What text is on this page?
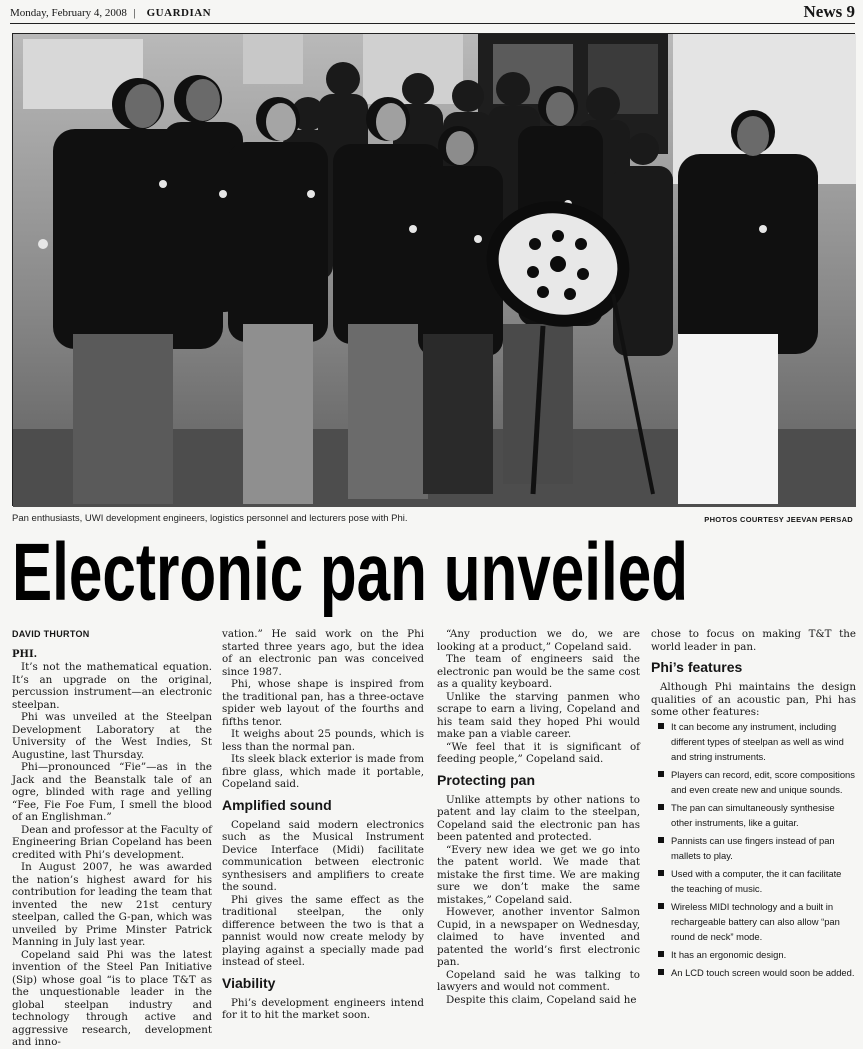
Monday, February 4, 2008 | GUARDIAN	News 9
Pan enthusiasts, UWI development engineers, logistics personnel and lecturers pose with Phi.	PHOTOS COURTESY JEEVAN PERSAD
Electronic pan unveiled
DAVID THURTON

PHI.

It’s not the mathematical equation. It’s an upgrade on the original, percussion instrument—an electronic steelpan.

Phi was unveiled at the Steelpan Development Laboratory at the University of the West Indies, St Augustine, last Thursday.

Phi—pronounced “Fie”—as in the Jack and the Beanstalk tale of an ogre, blinded with rage and yelling “Fee, Fie Foe Fum, I smell the blood of an Englishman.”

Dean and professor at the Faculty of Engineering Brian Copeland has been credited with Phi’s development.

In August 2007, he was awarded the nation’s highest award for his contribution for leading the team that invented the new 21st century steelpan, called the G-pan, which was unveiled by Prime Minster Patrick Manning in July last year.

Copeland said Phi was the latest invention of the Steel Pan Initiative (Sip) whose goal “is to place T&T as the unquestionable leader in the global steelpan industry and technology through active and aggressive research, development and inno-

vation.” He said work on the Phi started three years ago, but the idea of an electronic pan was conceived since 1987.

Phi, whose shape is inspired from the traditional pan, has a three-octave spider web layout of the fourths and fifths tenor.

It weighs about 25 pounds, which is less than the normal pan.

Its sleek black exterior is made from fibre glass, which made it portable, Copeland said.

Amplified sound

Copeland said modern electronics such as the Musical Instrument Device Interface (Midi) facilitate communication between electronic synthesisers and amplifiers to create the sound.

Phi gives the same effect as the traditional steelpan, the only difference between the two is that a pannist would now create melody by playing against a specially made pad instead of steel.

Viability

Phi’s development engineers intend for it to hit the market soon.

“Any production we do, we are looking at a product,” Copeland said.

The team of engineers said the electronic pan would be the same cost as a quality keyboard.

Unlike the starving panmen who scrape to earn a living, Copeland and his team said they hoped Phi would make pan a viable career.

“We feel that it is significant of feeding people,” Copeland said.

Protecting pan

Unlike attempts by other nations to patent and lay claim to the steelpan, Copeland said the electronic pan has been patented and protected.

“Every new idea we get we go into the patent world. We made that mistake the first time. We are making sure we don’t make the same mistakes,” Copeland said.

However, another inventor Salmon Cupid, in a newspaper on Wednesday, claimed to have invented and patented the world’s first electronic pan.

Copeland said he was talking to lawyers and would not comment.

Despite this claim, Copeland said he

chose to focus on making T&T the world leader in pan.

Phi’s features

Although Phi maintains the design qualities of an acoustic pan, Phi has some other features:

It can become any instrument, including different types of steelpan as well as wind and string instruments.
Players can record, edit, score compositions and even create new and unique sounds.
The pan can simultaneously synthesise other instruments, like a guitar.
Pannists can use fingers instead of pan mallets to play.
Used with a computer, the it can facilitate the teaching of music.
Wireless MIDI technology and a built in rechargeable battery can also allow “pan round de neck” mode.
It has an ergonomic design.
An LCD touch screen would soon be added.
